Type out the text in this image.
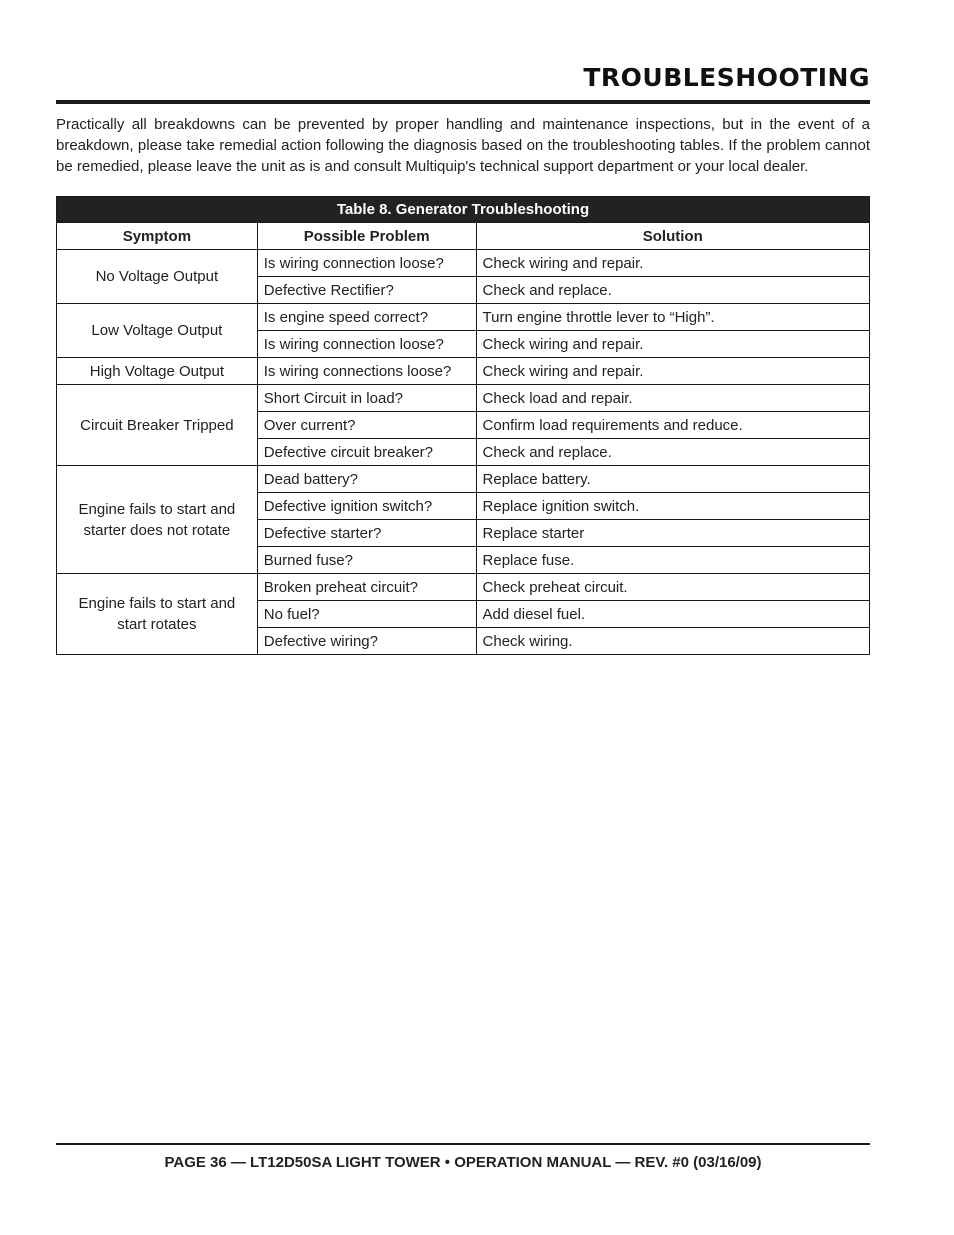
TROUBLESHOOTING

Practically all breakdowns can be prevented by proper handling and maintenance inspections, but in the event of a breakdown, please take remedial action following the diagnosis based on the troubleshooting tables. If the problem cannot be remedied, please leave the unit as is and consult Multiquip's technical support department or your local dealer.

Table 8. Generator Troubleshooting		
Symptom	Possible Problem	Solution
No Voltage Output	Is wiring connection loose?	Check wiring and repair.
	Defective Rectifier?	Check and replace.
Low Voltage Output	Is engine speed correct?	Turn engine throttle lever to “High”.
	Is wiring connection loose?	Check wiring and repair.
High Voltage Output	Is wiring connections loose?	Check wiring and repair.
Circuit Breaker Tripped	Short Circuit in load?	Check load and repair.
	Over current?	Confirm load requirements and reduce.
	Defective circuit breaker?	Check and replace.
Engine fails to start and starter does not rotate	Dead battery?	Replace battery.
	Defective ignition switch?	Replace ignition switch.
	Defective starter?	Replace starter
	Burned fuse?	Replace fuse.
Engine fails to start and start rotates	Broken preheat circuit?	Check preheat circuit.
	No fuel?	Add diesel fuel.
	Defective wiring?	Check wiring.

PAGE 36 — LT12D50SA LIGHT TOWER • OPERATION MANUAL — REV. #0 (03/16/09)
